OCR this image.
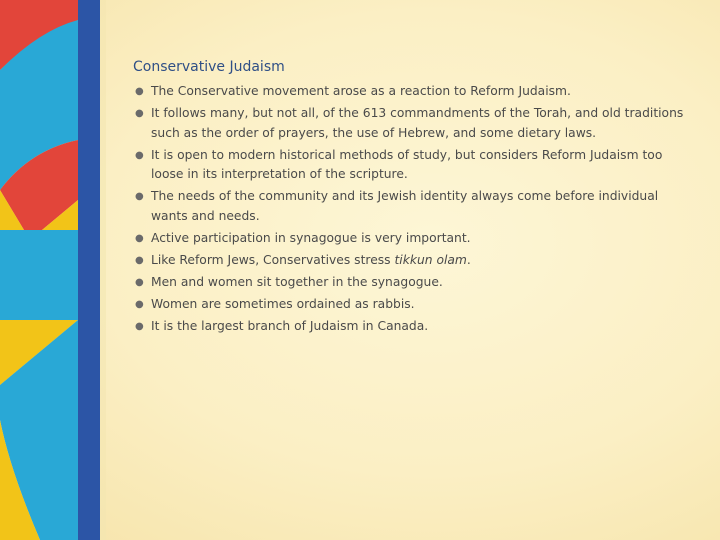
Conservative Judaism
● The Conservative movement arose as a reaction to Reform Judaism.
● It follows many, but not all, of the 613 commandments of the Torah, and old traditions such as the order of prayers, the use of Hebrew, and some dietary laws.
● It is open to modern historical methods of study, but considers Reform Judaism too loose in its interpretation of the scripture.
● The needs of the community and its Jewish identity always come before individual wants and needs.
● Active participation in synagogue is very important.
● Like Reform Jews, Conservatives stress tikkun olam.
● Men and women sit together in the synagogue.
● Women are sometimes ordained as rabbis.
● It is the largest branch of Judaism in Canada.
